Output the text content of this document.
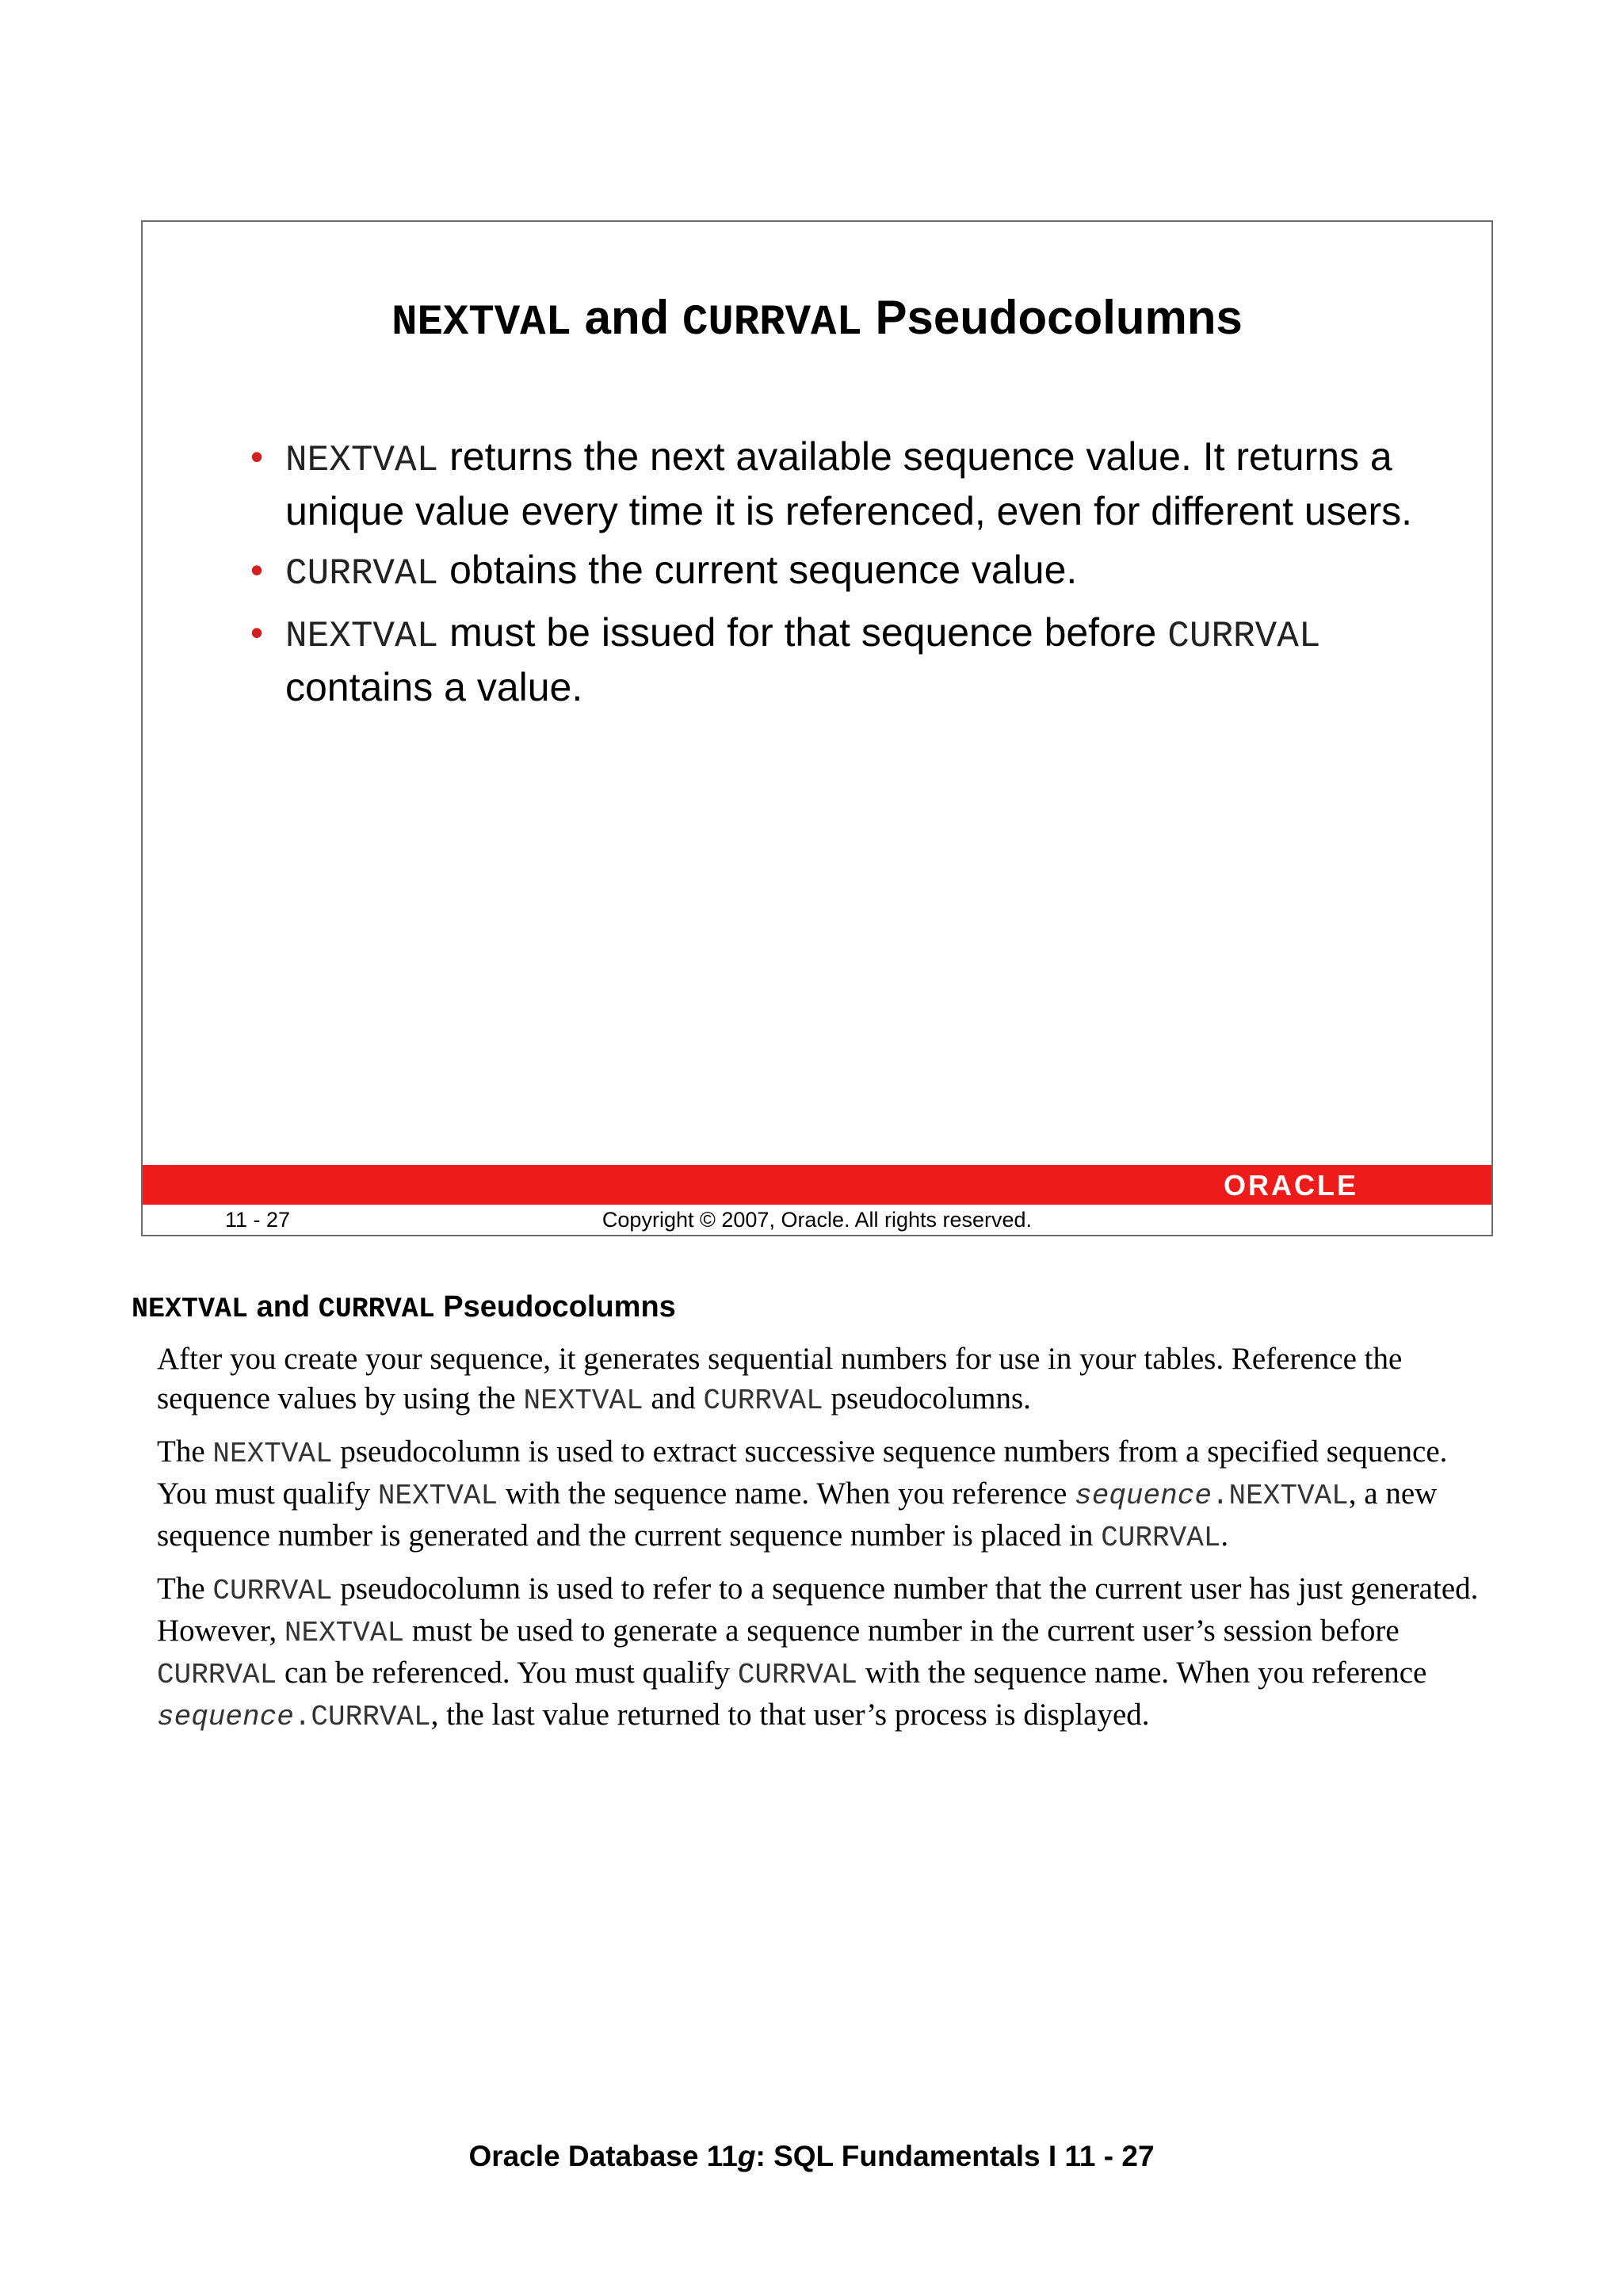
NEXTVAL and CURRVAL Pseudocolumns
• NEXTVAL returns the next available sequence value. It returns a unique value every time it is referenced, even for different users.
• CURRVAL obtains the current sequence value.
• NEXTVAL must be issued for that sequence before CURRVAL contains a value.
ORACLE
11 - 27	Copyright © 2007, Oracle. All rights reserved.
NEXTVAL and CURRVAL Pseudocolumns

After you create your sequence, it generates sequential numbers for use in your tables. Reference the sequence values by using the NEXTVAL and CURRVAL pseudocolumns.

The NEXTVAL pseudocolumn is used to extract successive sequence numbers from a specified sequence. You must qualify NEXTVAL with the sequence name. When you reference sequence.NEXTVAL, a new sequence number is generated and the current sequence number is placed in CURRVAL.

The CURRVAL pseudocolumn is used to refer to a sequence number that the current user has just generated. However, NEXTVAL must be used to generate a sequence number in the current user’s session before CURRVAL can be referenced. You must qualify CURRVAL with the sequence name. When you reference sequence.CURRVAL, the last value returned to that user’s process is displayed.

Oracle Database 11g: SQL Fundamentals I 11 - 27
